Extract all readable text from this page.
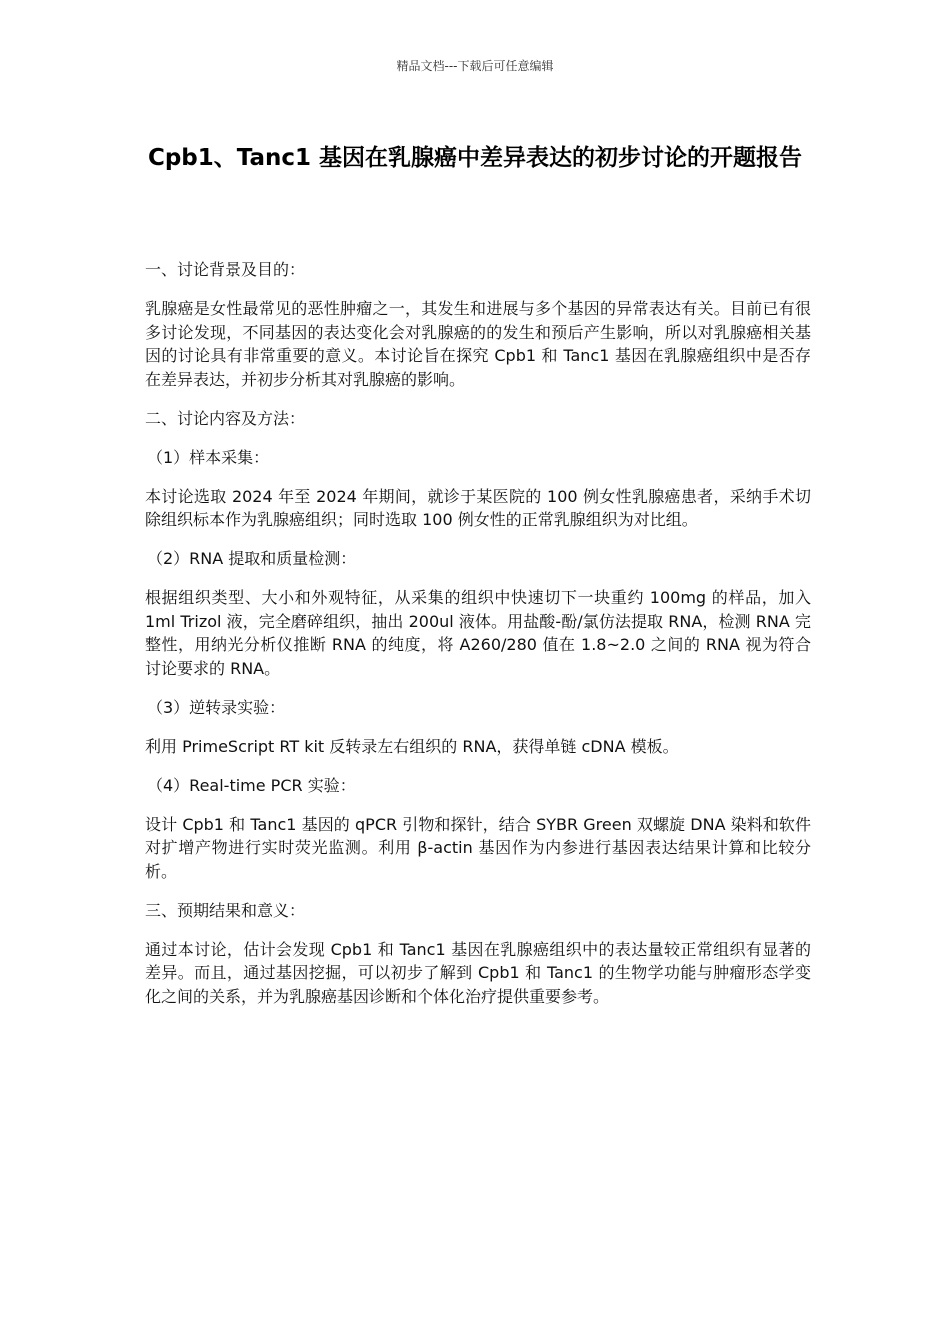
精品文档---下载后可任意编辑
Cpb1、Tanc1 基因在乳腺癌中差异表达的初步讨论的开题报告

一、讨论背景及目的：

乳腺癌是女性最常见的恶性肿瘤之一，其发生和进展与多个基因的异常表达有关。目前已有很多讨论发现，不同基因的表达变化会对乳腺癌的的发生和预后产生影响，所以对乳腺癌相关基因的讨论具有非常重要的意义。本讨论旨在探究 Cpb1 和 Tanc1 基因在乳腺癌组织中是否存在差异表达，并初步分析其对乳腺癌的影响。

二、讨论内容及方法：

（1）样本采集：

本讨论选取 2024 年至 2024 年期间，就诊于某医院的 100 例女性乳腺癌患者，采纳手术切除组织标本作为乳腺癌组织；同时选取 100 例女性的正常乳腺组织为对比组。

（2）RNA 提取和质量检测：

根据组织类型、大小和外观特征，从采集的组织中快速切下一块重约 100mg 的样品，加入 1ml Trizol 液，完全磨碎组织，抽出 200ul 液体。用盐酸-酚/氯仿法提取 RNA，检测 RNA 完整性，用纳光分析仪推断 RNA 的纯度，将 A260/280 值在 1.8~2.0 之间的 RNA 视为符合讨论要求的 RNA。

（3）逆转录实验：

利用 PrimeScript RT kit 反转录左右组织的 RNA，获得单链 cDNA 模板。

（4）Real-time PCR 实验：

设计 Cpb1 和 Tanc1 基因的 qPCR 引物和探针，结合 SYBR Green 双螺旋 DNA 染料和软件对扩增产物进行实时荧光监测。利用 β-actin 基因作为内参进行基因表达结果计算和比较分析。

三、预期结果和意义：

通过本讨论，估计会发现 Cpb1 和 Tanc1 基因在乳腺癌组织中的表达量较正常组织有显著的差异。而且，通过基因挖掘，可以初步了解到 Cpb1 和 Tanc1 的生物学功能与肿瘤形态学变化之间的关系，并为乳腺癌基因诊断和个体化治疗提供重要参考。
